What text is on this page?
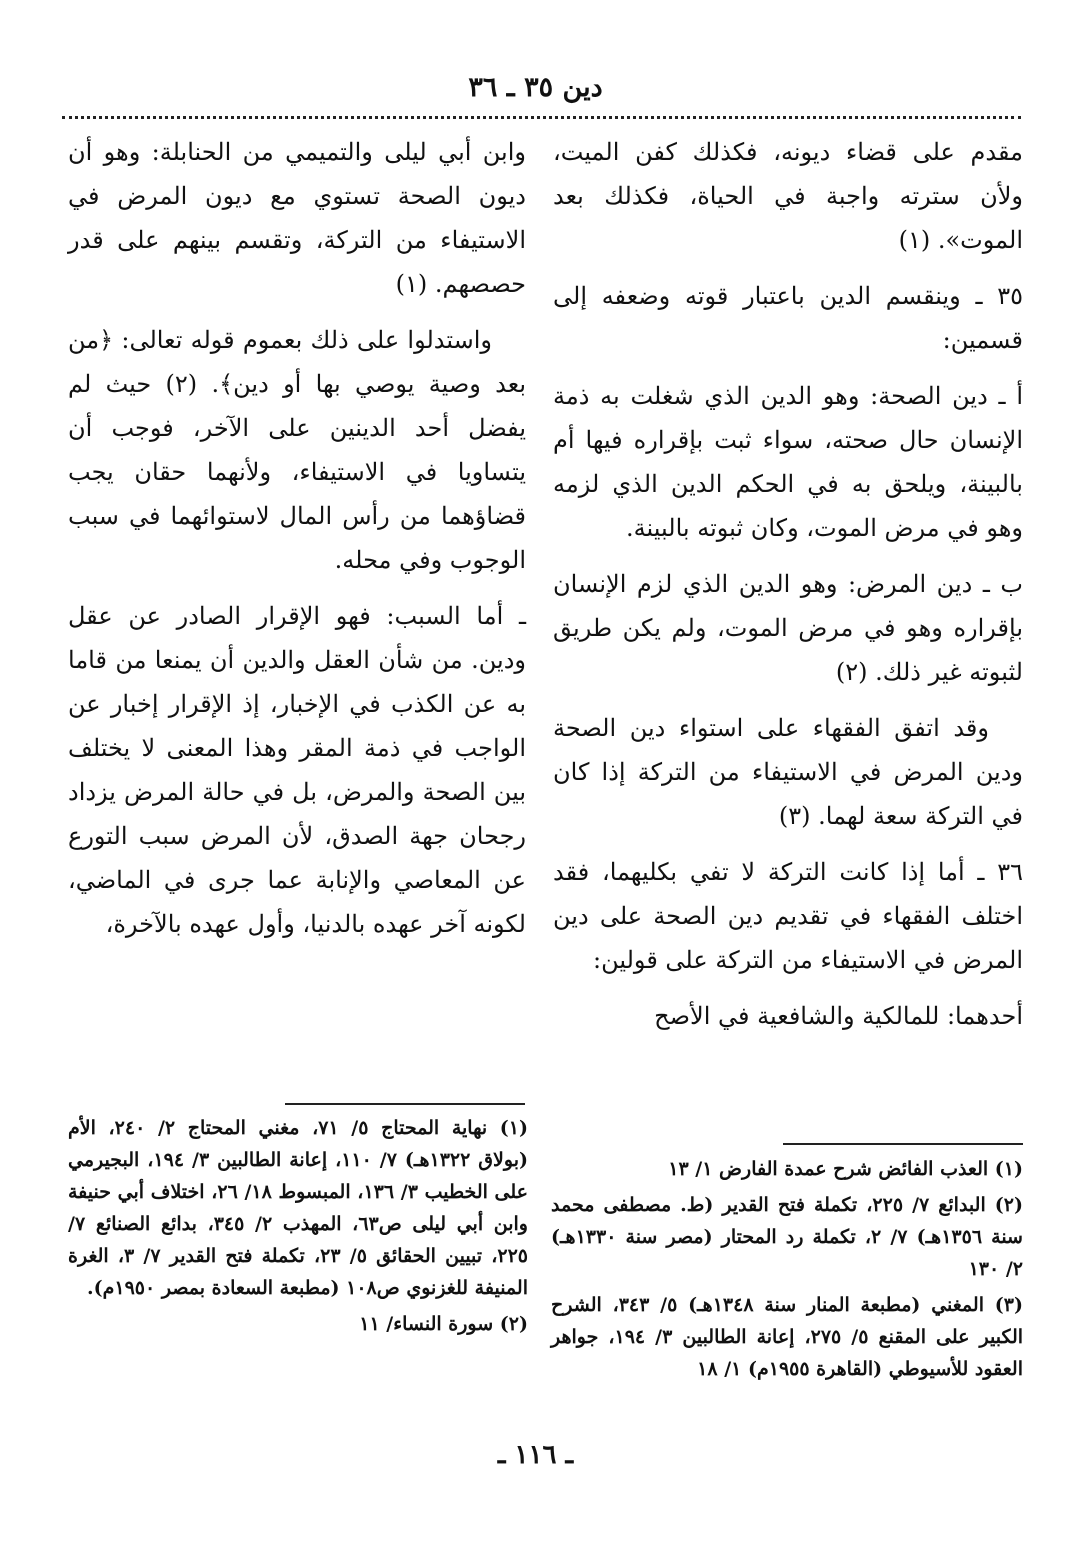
دين ٣٥ ـ ٣٦

مقدم على قضاء ديونه، فكذلك كفن الميت، ولأن سترته واجبة في الحياة، فكذلك بعد الموت». (١)

٣٥ ـ وينقسم الدين باعتبار قوته وضعفه إلى قسمين:

أ ـ دين الصحة: وهو الدين الذي شغلت به ذمة الإنسان حال صحته، سواء ثبت بإقراره فيها أم بالبينة، ويلحق به في الحكم الدين الذي لزمه وهو في مرض الموت، وكان ثبوته بالبينة.

ب ـ دين المرض: وهو الدين الذي لزم الإنسان بإقراره وهو في مرض الموت، ولم يكن طريق لثبوته غير ذلك. (٢)

وقد اتفق الفقهاء على استواء دين الصحة ودين المرض في الاستيفاء من التركة إذا كان في التركة سعة لهما. (٣)

٣٦ ـ أما إذا كانت التركة لا تفي بكليهما، فقد اختلف الفقهاء في تقديم دين الصحة على دين المرض في الاستيفاء من التركة على قولين:

أحدهما: للمالكية والشافعية في الأصح

وابن أبي ليلى والتميمي من الحنابلة: وهو أن ديون الصحة تستوي مع ديون المرض في الاستيفاء من التركة، وتقسم بينهم على قدر حصصهم. (١)

واستدلوا على ذلك بعموم قوله تعالى: ﴿من بعد وصية يوصي بها أو دين﴾. (٢) حيث لم يفضل أحد الدينين على الآخر، فوجب أن يتساويا في الاستيفاء، ولأنهما حقان يجب قضاؤهما من رأس المال لاستوائهما في سبب الوجوب وفي محله.

ـ أما السبب: فهو الإقرار الصادر عن عقل ودين. من شأن العقل والدين أن يمنعا من قاما به عن الكذب في الإخبار، إذ الإقرار إخبار عن الواجب في ذمة المقر وهذا المعنى لا يختلف بين الصحة والمرض، بل في حالة المرض يزداد رجحان جهة الصدق، لأن المرض سبب التورع عن المعاصي والإنابة عما جرى في الماضي، لكونه آخر عهده بالدنيا، وأول عهده بالآخرة،

(١) العذب الفائض شرح عمدة الفارض ١/ ١٣

(٢) البدائع ٧/ ٢٢٥، تكملة فتح القدير (ط. مصطفى محمد سنة ١٣٥٦هـ) ٧/ ٢، تكملة رد المحتار (مصر سنة ١٣٣٠هـ) ٢/ ١٣٠

(٣) المغني (مطبعة المنار سنة ١٣٤٨هـ) ٥/ ٣٤٣، الشرح الكبير على المقنع ٥/ ٢٧٥، إعانة الطالبين ٣/ ١٩٤، جواهر العقود للأسيوطي (القاهرة ١٩٥٥م) ١/ ١٨

(١) نهاية المحتاج ٥/ ٧١، مغني المحتاج ٢/ ٢٤٠، الأم (بولاق ١٣٢٢هـ) ٧/ ١١٠، إعانة الطالبين ٣/ ١٩٤، البجيرمي على الخطيب ٣/ ١٣٦، المبسوط ١٨/ ٢٦، اختلاف أبي حنيفة وابن أبي ليلى ص٦٣، المهذب ٢/ ٣٤٥، بدائع الصنائع ٧/ ٢٢٥، تبيين الحقائق ٥/ ٢٣، تكملة فتح القدير ٧/ ٣، الغرة المنيفة للغزنوي ص١٠٨ (مطبعة السعادة بمصر ١٩٥٠م).

(٢) سورة النساء/ ١١

ـ ١١٦ ـ
